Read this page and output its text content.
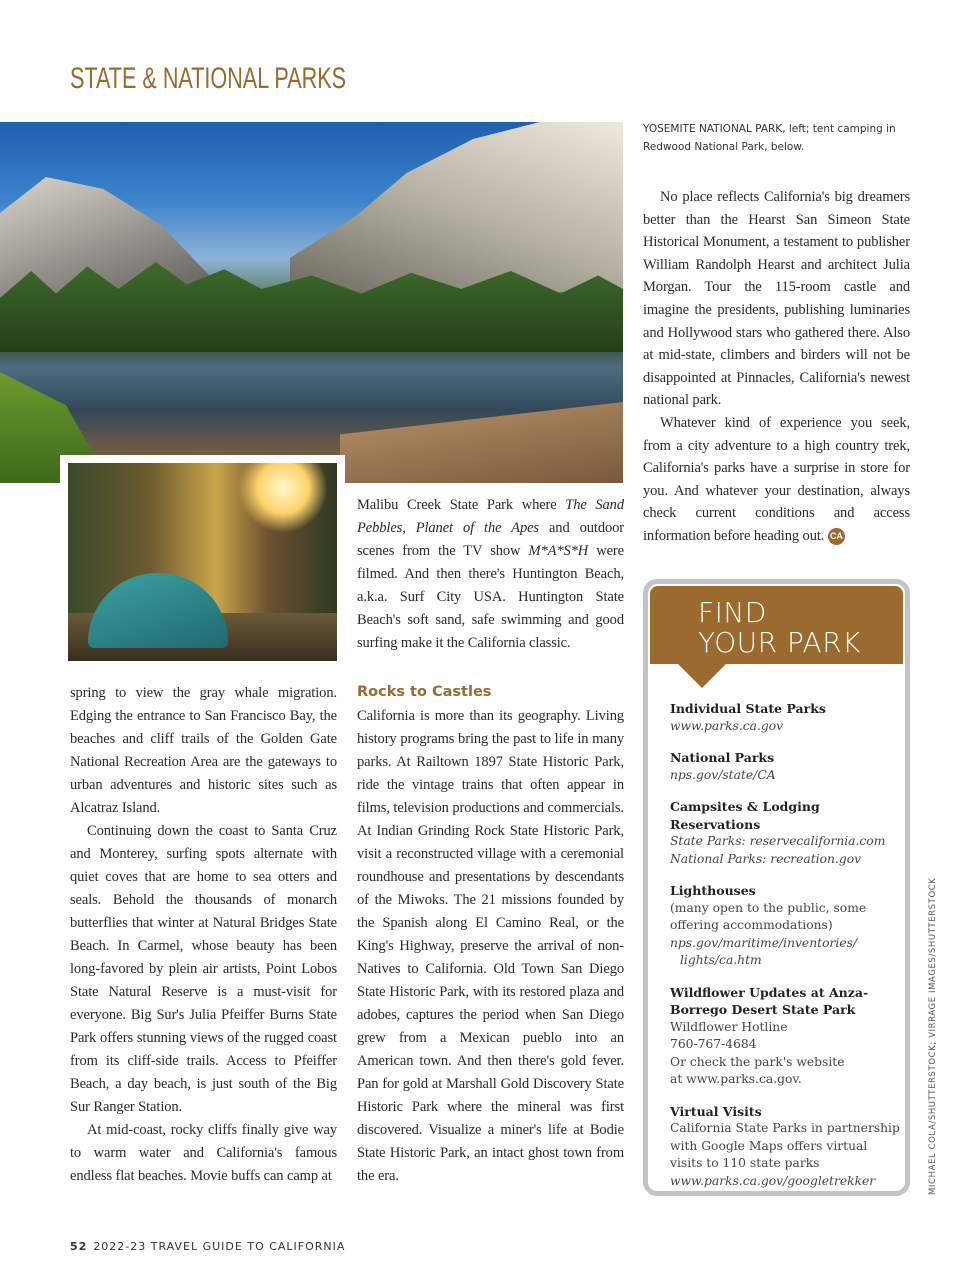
STATE & NATIONAL PARKS
YOSEMITE NATIONAL PARK, left; tent camping in Redwood National Park, below.

spring to view the gray whale migration. Edging the entrance to San Francisco Bay, the beaches and cliff trails of the Golden Gate National Recreation Area are the gateways to urban adventures and historic sites such as Alcatraz Island.

Continuing down the coast to Santa Cruz and Monterey, surfing spots alternate with quiet coves that are home to sea otters and seals. Behold the thousands of monarch butterflies that winter at Natural Bridges State Beach. In Carmel, whose beauty has been long-favored by plein air artists, Point Lobos State Natural Reserve is a must-visit for everyone. Big Sur's Julia Pfeiffer Burns State Park offers stunning views of the rugged coast from its cliff-side trails. Access to Pfeiffer Beach, a day beach, is just south of the Big Sur Ranger Station.

At mid-coast, rocky cliffs finally give way to warm water and California's famous endless flat beaches. Movie buffs can camp at

Malibu Creek State Park where The Sand Pebbles, Planet of the Apes and outdoor scenes from the TV show M*A*S*H were filmed. And then there's Huntington Beach, a.k.a. Surf City USA. Huntington State Beach's soft sand, safe swimming and good surfing make it the California classic.

Rocks to Castles

California is more than its geography. Living history programs bring the past to life in many parks. At Railtown 1897 State Historic Park, ride the vintage trains that often appear in films, television productions and commercials. At Indian Grinding Rock State Historic Park, visit a reconstructed village with a ceremonial roundhouse and presentations by descendants of the Miwoks. The 21 missions founded by the Spanish along El Camino Real, or the King's Highway, preserve the arrival of non-Natives to California. Old Town San Diego State Historic Park, with its restored plaza and adobes, captures the period when San Diego grew from a Mexican pueblo into an American town. And then there's gold fever. Pan for gold at Marshall Gold Discovery State Historic Park where the mineral was first discovered. Visualize a miner's life at Bodie State Historic Park, an intact ghost town from the era.

No place reflects California's big dreamers better than the Hearst San Simeon State Historical Monument, a testament to publisher William Randolph Hearst and architect Julia Morgan. Tour the 115-room castle and imagine the presidents, publishing luminaries and Hollywood stars who gathered there. Also at mid-state, climbers and birders will not be disappointed at Pinnacles, California's newest national park.

Whatever kind of experience you seek, from a city adventure to a high country trek, California's parks have a surprise in store for you. And whatever your destination, always check current conditions and access information before heading out. CA

FIND
YOUR PARK
Individual State Parks
www.parks.ca.gov
National Parks
nps.gov/state/CA
Campsites & Lodging Reservations
State Parks: reservecalifornia.com
National Parks: recreation.gov
Lighthouses
(many open to the public, some offering accommodations)
nps.gov/maritime/inventories/
lights/ca.htm
Wildflower Updates at Anza-Borrego Desert State Park
Wildflower Hotline
760-767-4684
Or check the park's website
at www.parks.ca.gov.
Virtual Visits
California State Parks in partnership with Google Maps offers virtual visits to 110 state parks
www.parks.ca.gov/googletrekker	MICHAEL COLA/SHUTTERSTOCK; VIRRAGE IMAGES/SHUTTERSTOCK
52 2022-23 TRAVEL GUIDE TO CALIFORNIA
